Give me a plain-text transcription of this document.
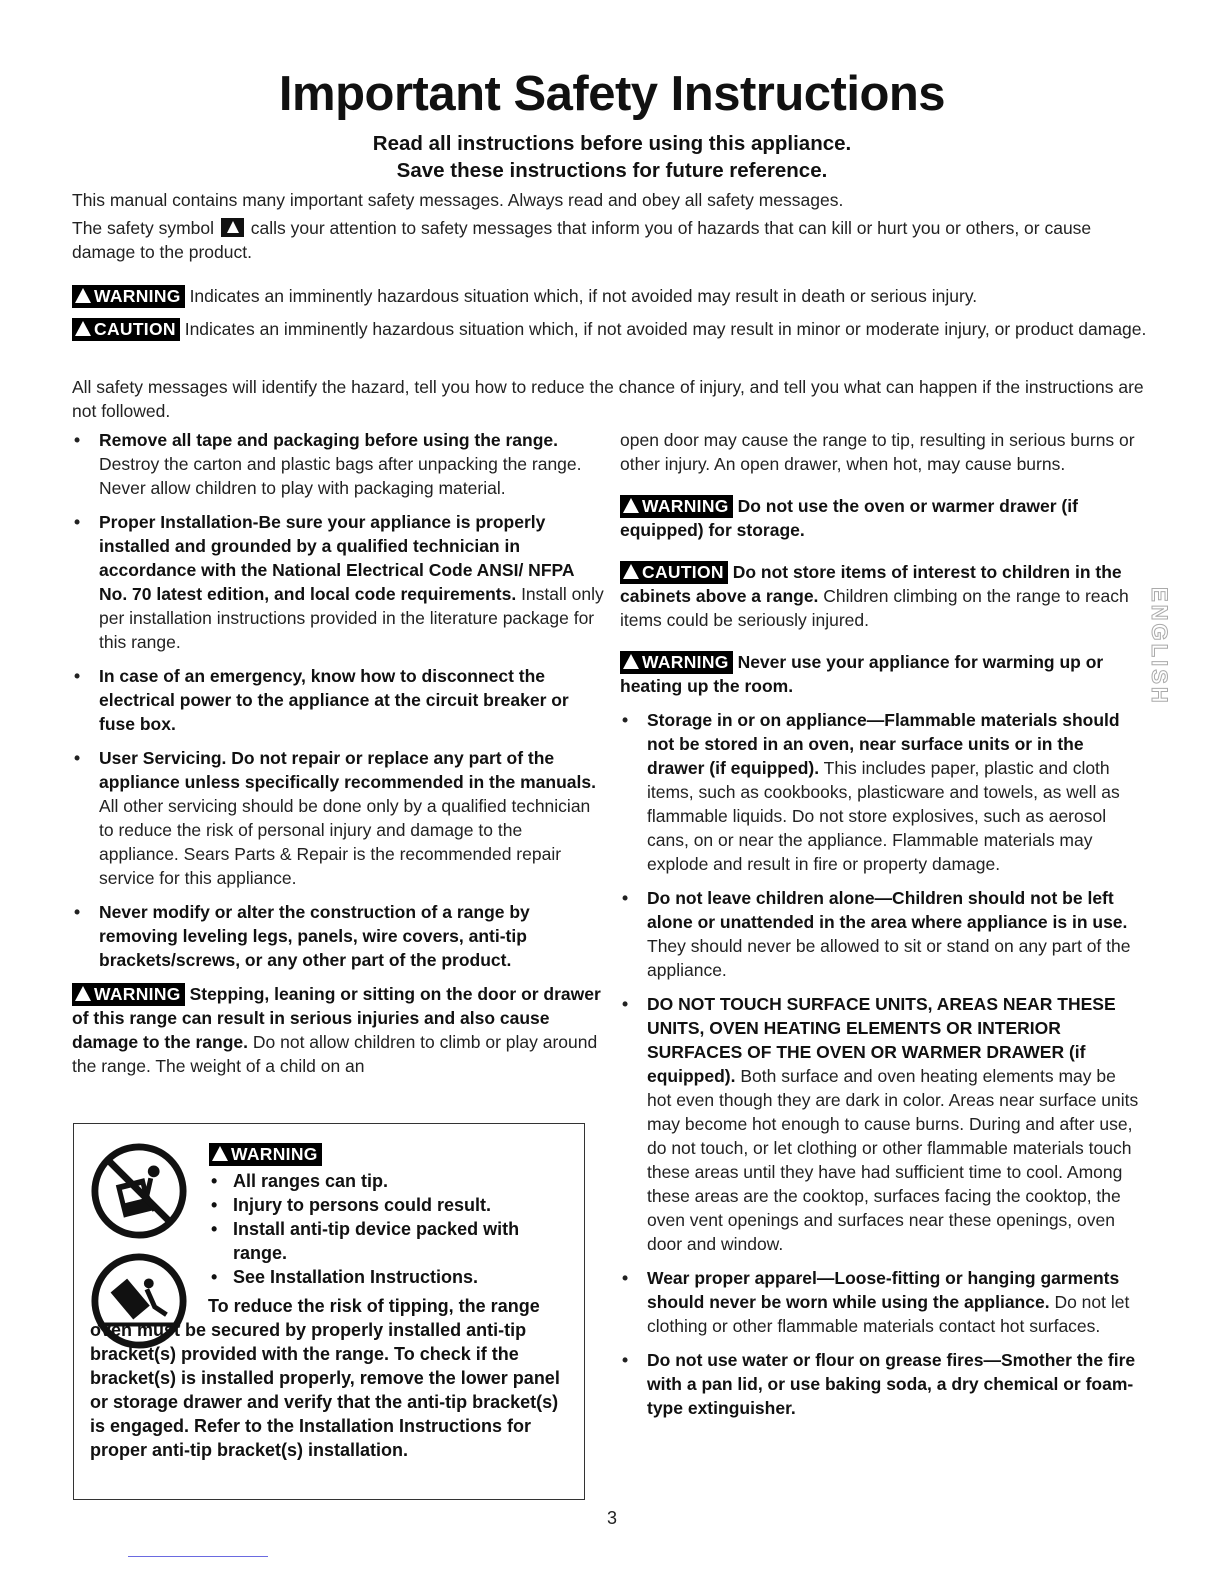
Important Safety Instructions

Read all instructions before using this appliance.

Save these instructions for future reference.

This manual contains many important safety messages. Always read and obey all safety messages.

The safety symbol calls your attention to safety messages that inform you of hazards that can kill or hurt you or others, or cause damage to the product.

WARNING Indicates an imminently hazardous situation which, if not avoided may result in death or serious injury.

CAUTION Indicates an imminently hazardous situation which, if not avoided may result in minor or moderate injury, or product damage.

All safety messages will identify the hazard, tell you how to reduce the chance of injury, and tell you what can happen if the instructions are not followed.

• Remove all tape and packaging before using the range. Destroy the carton and plastic bags after unpacking the range. Never allow children to play with packaging material.
• Proper Installation-Be sure your appliance is properly installed and grounded by a qualified technician in accordance with the National Electrical Code ANSI/ NFPA No. 70 latest edition, and local code requirements. Install only per installation instructions provided in the literature package for this range.
• In case of an emergency, know how to disconnect the electrical power to the appliance at the circuit breaker or fuse box.
• User Servicing. Do not repair or replace any part of the appliance unless specifically recommended in the manuals. All other servicing should be done only by a qualified technician to reduce the risk of personal injury and damage to the appliance. Sears Parts & Repair is the recommended repair service for this appliance.
• Never modify or alter the construction of a range by removing leveling legs, panels, wire covers, anti-tip brackets/screws, or any other part of the product.

WARNING Stepping, leaning or sitting on the door or drawer of this range can result in serious injuries and also cause damage to the range. Do not allow children to climb or play around the range. The weight of a child on an

WARNING
• All ranges can tip.
• Injury to persons could result.
• Install anti-tip device packed with range.
• See Installation Instructions.

To reduce the risk of tipping, the range oven must be secured by properly installed anti-tip bracket(s) provided with the range. To check if the bracket(s) is installed properly, remove the lower panel or storage drawer and verify that the anti-tip bracket(s) is engaged. Refer to the Installation Instructions for proper anti-tip bracket(s) installation.

open door may cause the range to tip, resulting in serious burns or other injury. An open drawer, when hot, may cause burns.

WARNING Do not use the oven or warmer drawer (if equipped) for storage.

CAUTION Do not store items of interest to children in the cabinets above a range. Children climbing on the range to reach items could be seriously injured.

WARNING Never use your appliance for warming up or heating up the room.

• Storage in or on appliance—Flammable materials should not be stored in an oven, near surface units or in the drawer (if equipped). This includes paper, plastic and cloth items, such as cookbooks, plasticware and towels, as well as flammable liquids. Do not store explosives, such as aerosol cans, on or near the appliance. Flammable materials may explode and result in fire or property damage.
• Do not leave children alone—Children should not be left alone or unattended in the area where appliance is in use. They should never be allowed to sit or stand on any part of the appliance.
• DO NOT TOUCH SURFACE UNITS, AREAS NEAR THESE UNITS, OVEN HEATING ELEMENTS OR INTERIOR SURFACES OF THE OVEN OR WARMER DRAWER (if equipped). Both surface and oven heating elements may be hot even though they are dark in color. Areas near surface units may become hot enough to cause burns. During and after use, do not touch, or let clothing or other flammable materials touch these areas until they have had sufficient time to cool. Among these areas are the cooktop, surfaces facing the cooktop, the oven vent openings and surfaces near these openings, oven door and window.
• Wear proper apparel—Loose-fitting or hanging garments should never be worn while using the appliance. Do not let clothing or other flammable materials contact hot surfaces.
• Do not use water or flour on grease fires—Smother the fire with a pan lid, or use baking soda, a dry chemical or foam-type extinguisher.
ENGLISH
3
